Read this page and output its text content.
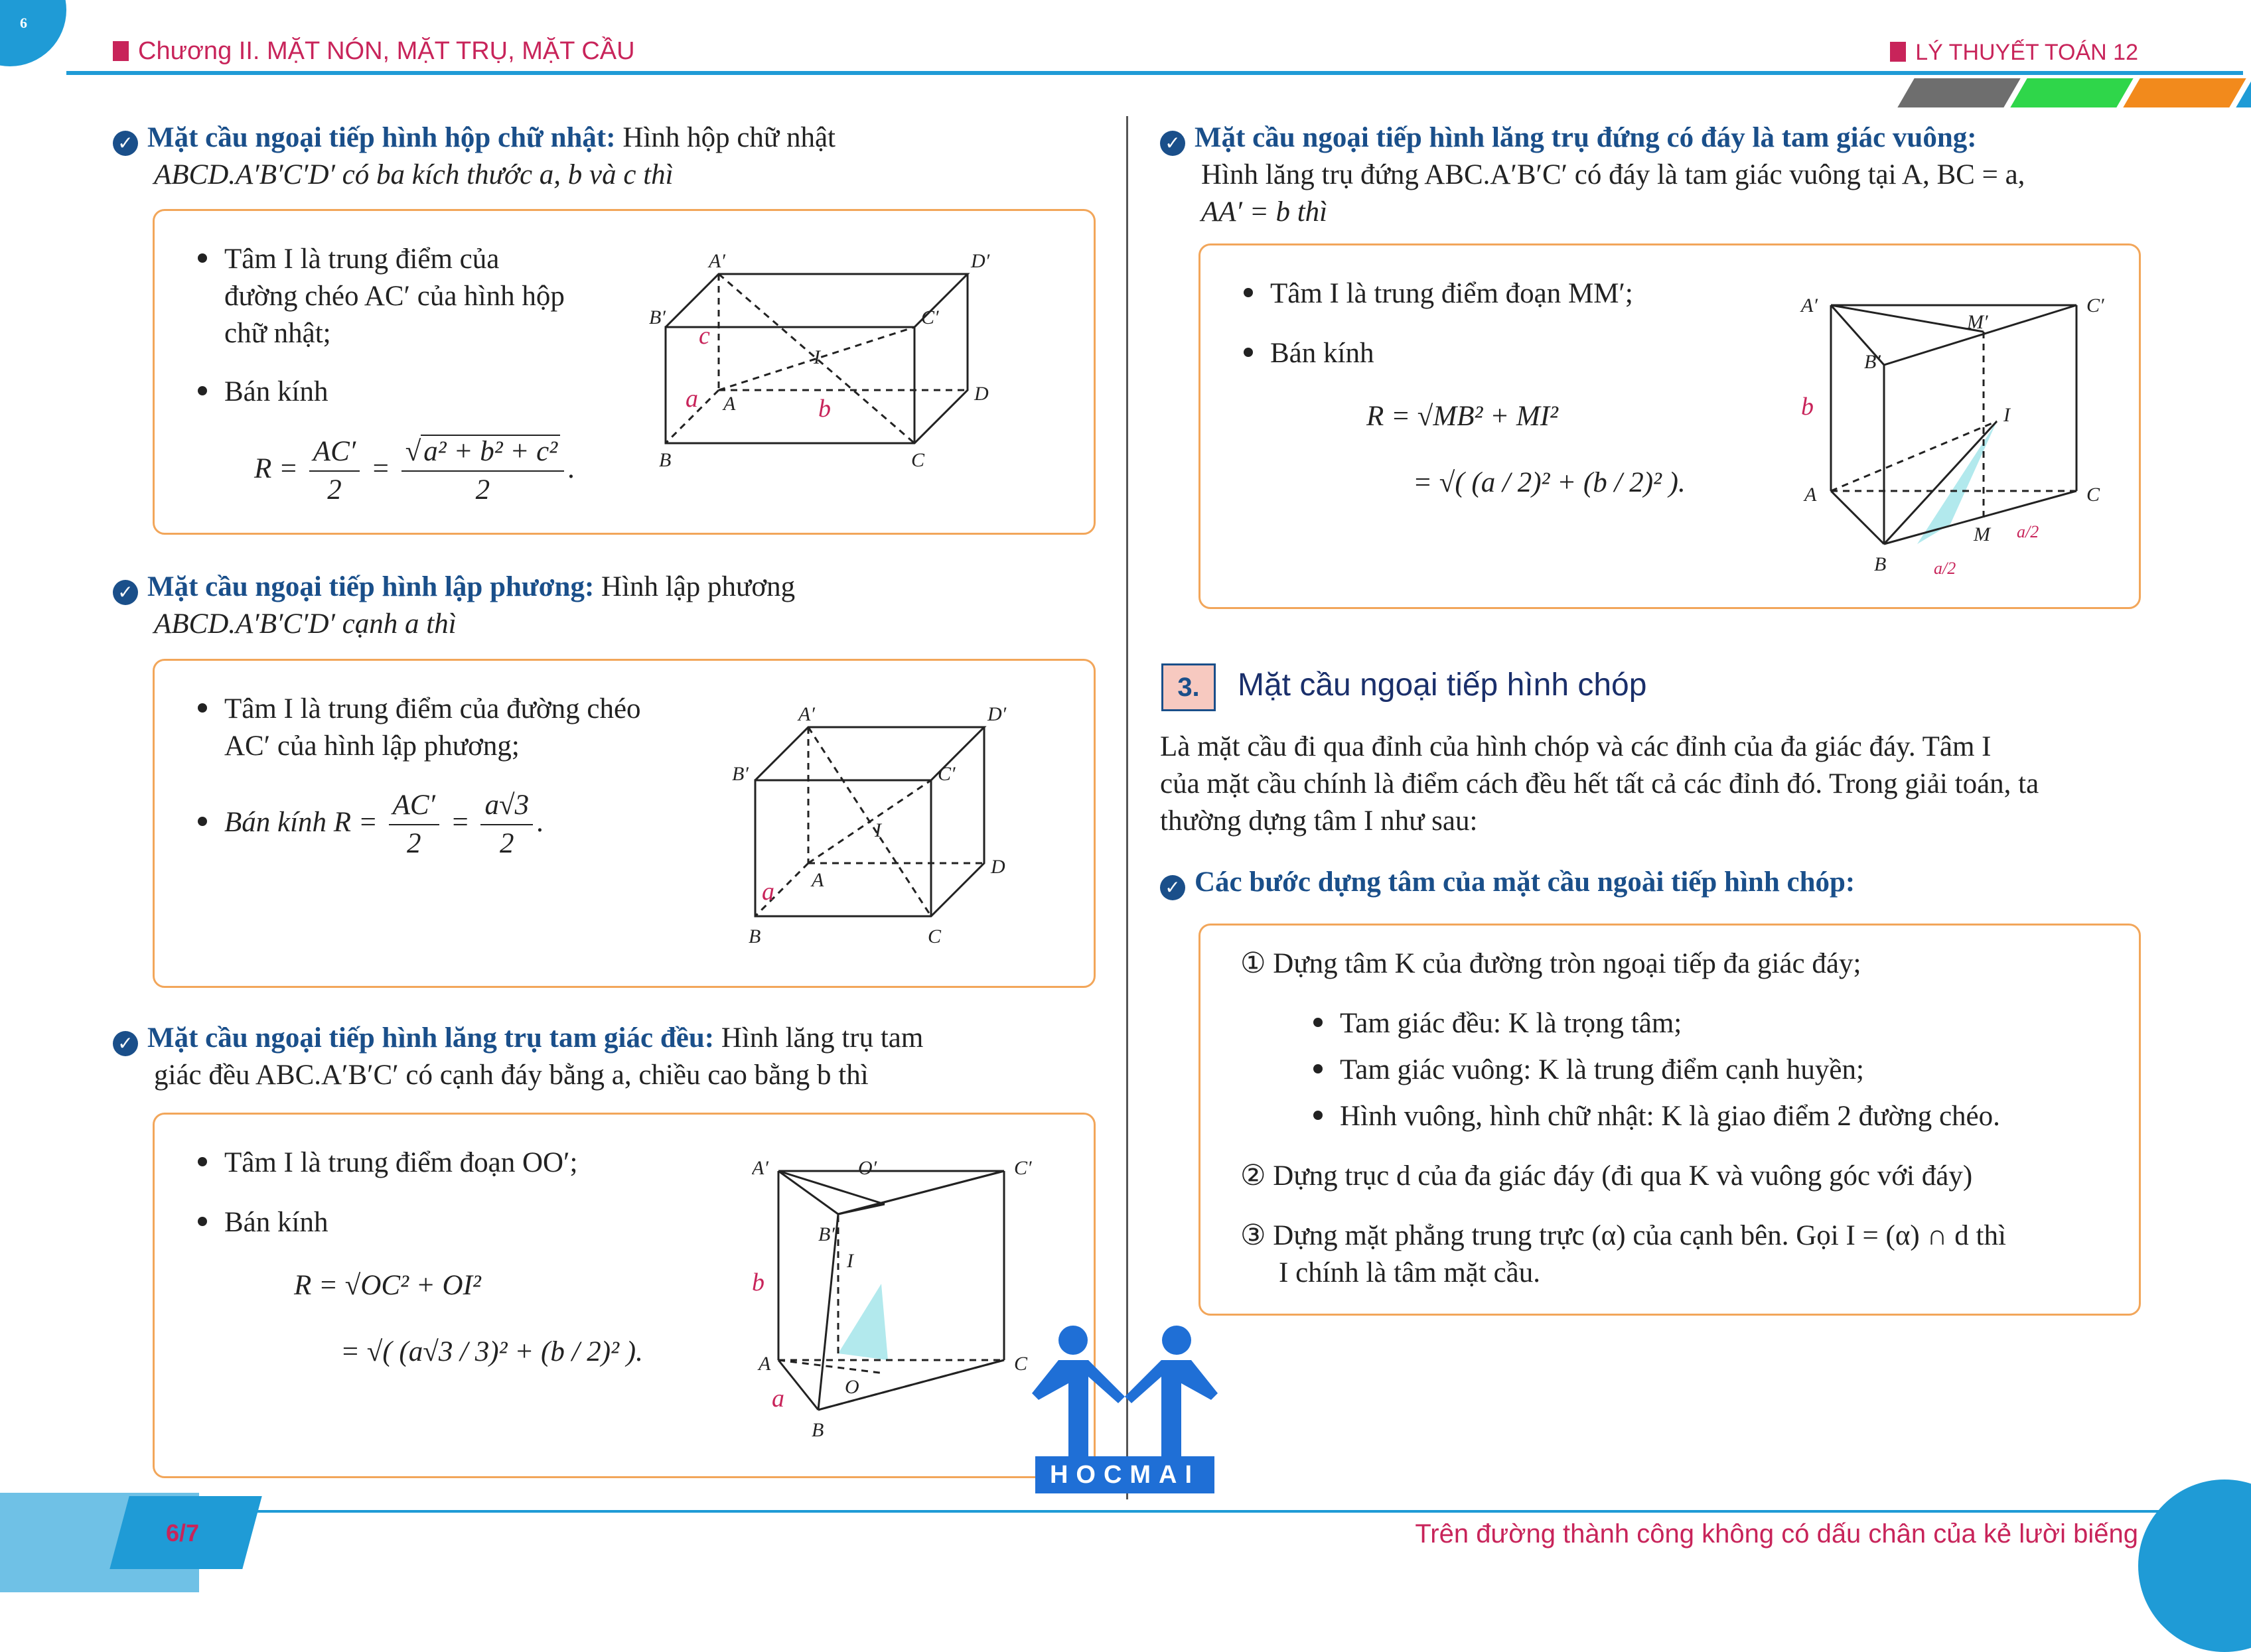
6
Chương II. MẶT NÓN, MẶT TRỤ, MẶT CẦU	LÝ THUYẾT TOÁN 12
✓ Mặt cầu ngoại tiếp hình hộp chữ nhật: Hình hộp chữ nhật
ABCD.A′B′C′D′ có ba kích thước a, b và c thì
Tâm I là trung điểm của
đường chéo AC′ của hình hộp
chữ nhật;
Bán kính
$R = \frac{AC'}{2} = \frac{\text{√a² + b² + c²}}{2}$ .
A′	D′
B′	C′
A	D
B	C
I
a	b
c
✓ Mặt cầu ngoại tiếp hình lập phương: Hình lập phương
ABCD.A′B′C′D′ cạnh a thì
Tâm I là trung điểm của đường chéo
AC′ của hình lập phương;
Bán kính $R = \frac{AC'}{2} = \frac{a√3}{2}$ .
A′	D′
B′	C′
A
D
B	C
I
a
✓ Mặt cầu ngoại tiếp hình lăng trụ tam giác đều: Hình lăng trụ tam
giác đều ABC.A′B′C′ có cạnh đáy bằng a, chiều cao bằng b thì
Tâm I là trung điểm đoạn OO′;
Bán kính
R = √OC² + OI²
= √( (a√3 / 3)² + (b / 2)² ).
A′	O′	C′
B′
I
A	C
O
B
a
b
✓ Mặt cầu ngoại tiếp hình lăng trụ đứng có đáy là tam giác vuông:
Hình lăng trụ đứng ABC.A′B′C′ có đáy là tam giác vuông tại A, BC = a,
AA′ = b thì
Tâm I là trung điểm đoạn MM′;
Bán kính
R = √MB² + MI²
= √( (a / 2)² + (b / 2)² ).
A′
M′
C′
B′
I
A	C
M
B
b
a/2
a/2
3.	Mặt cầu ngoại tiếp hình chóp
Là mặt cầu đi qua đỉnh của hình chóp và các đỉnh của đa giác đáy. Tâm I
của mặt cầu chính là điểm cách đều hết tất cả các đỉnh đó. Trong giải toán, ta
thường dựng tâm I như sau:
✓ Các bước dựng tâm của mặt cầu ngoài tiếp hình chóp:
① Dựng tâm K của đường tròn ngoại tiếp đa giác đáy;
Tam giác đều: K là trọng tâm;
Tam giác vuông: K là trung điểm cạnh huyền;
Hình vuông, hình chữ nhật: K là giao điểm 2 đường chéo.
② Dựng trục d của đa giác đáy (đi qua K và vuông góc với đáy)
③ Dựng mặt phẳng trung trực (α) của cạnh bên. Gọi I = (α) ∩ d thì
I chính là tâm mặt cầu.
HOCMAI
6/7	Trên đường thành công không có dấu chân của kẻ lười biếng
